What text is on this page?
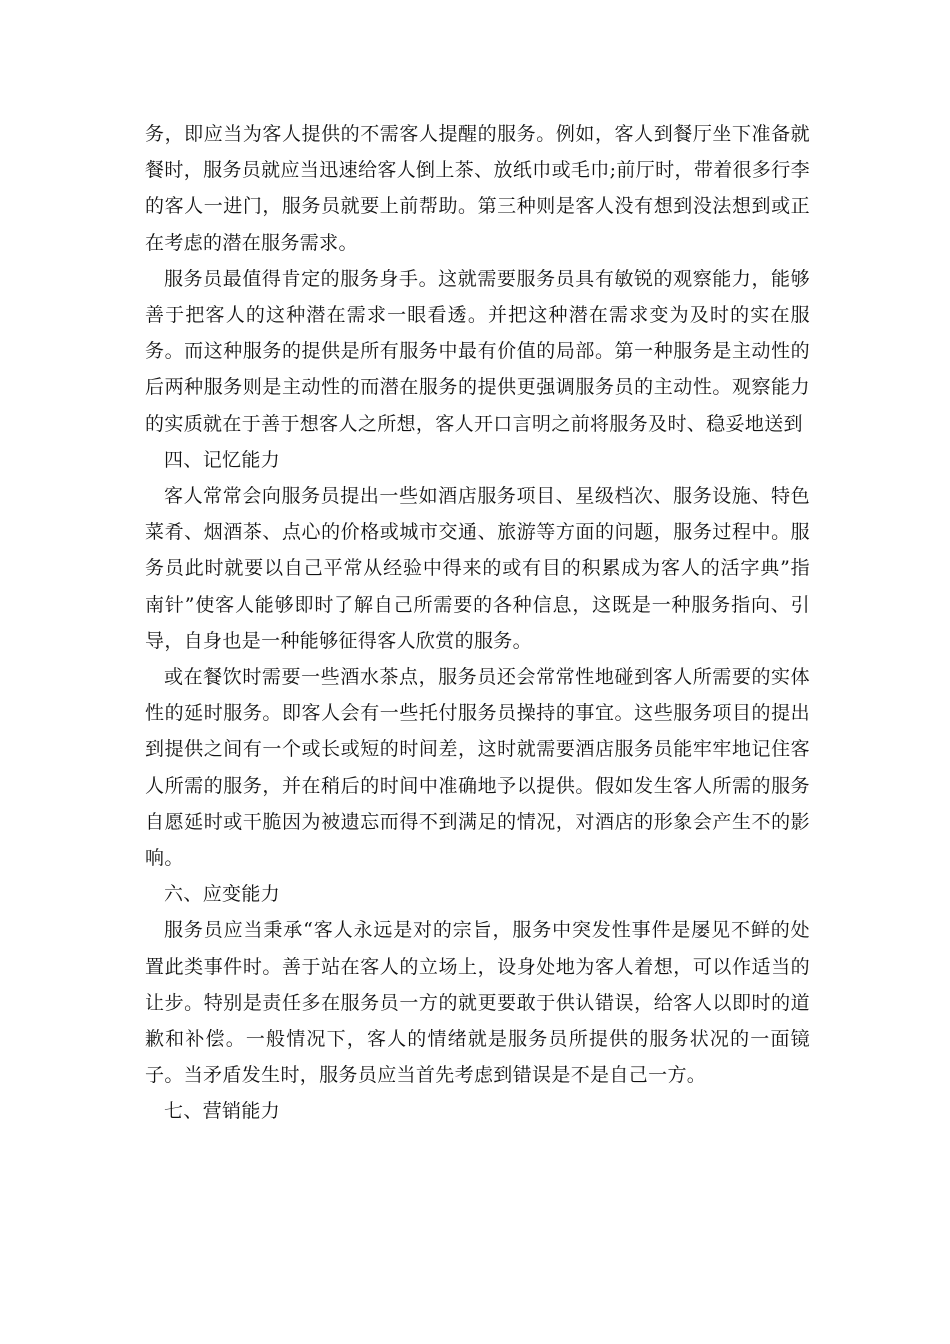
务，即应当为客人提供的不需客人提醒的服务。例如，客人到餐厅坐下准备就餐时，服务员就应当迅速给客人倒上茶、放纸巾或毛巾;前厅时，带着很多行李的客人一进门，服务员就要上前帮助。第三种则是客人没有想到没法想到或正在考虑的潜在服务需求。

服务员最值得肯定的服务身手。这就需要服务员具有敏锐的观察能力，能够善于把客人的这种潜在需求一眼看透。并把这种潜在需求变为及时的实在服务。而这种服务的提供是所有服务中最有价值的局部。第一种服务是主动性的后两种服务则是主动性的而潜在服务的提供更强调服务员的主动性。观察能力的实质就在于善于想客人之所想，客人开口言明之前将服务及时、稳妥地送到

四、记忆能力

客人常常会向服务员提出一些如酒店服务项目、星级档次、服务设施、特色菜肴、烟酒茶、点心的价格或城市交通、旅游等方面的问题，服务过程中。服务员此时就要以自己平常从经验中得来的或有目的积累成为客人的活字典”指南针”使客人能够即时了解自己所需要的各种信息，这既是一种服务指向、引导，自身也是一种能够征得客人欣赏的服务。

或在餐饮时需要一些酒水茶点，服务员还会常常性地碰到客人所需要的实体性的延时服务。即客人会有一些托付服务员操持的事宜。这些服务项目的提出到提供之间有一个或长或短的时间差，这时就需要酒店服务员能牢牢地记住客人所需的服务，并在稍后的时间中准确地予以提供。假如发生客人所需的服务自愿延时或干脆因为被遗忘而得不到满足的情况，对酒店的形象会产生不的影响。

六、应变能力

服务员应当秉承“客人永远是对的宗旨，服务中突发性事件是屡见不鲜的处置此类事件时。善于站在客人的立场上，设身处地为客人着想，可以作适当的让步。特别是责任多在服务员一方的就更要敢于供认错误，给客人以即时的道歉和补偿。一般情况下，客人的情绪就是服务员所提供的服务状况的一面镜子。当矛盾发生时，服务员应当首先考虑到错误是不是自己一方。

七、营销能力
